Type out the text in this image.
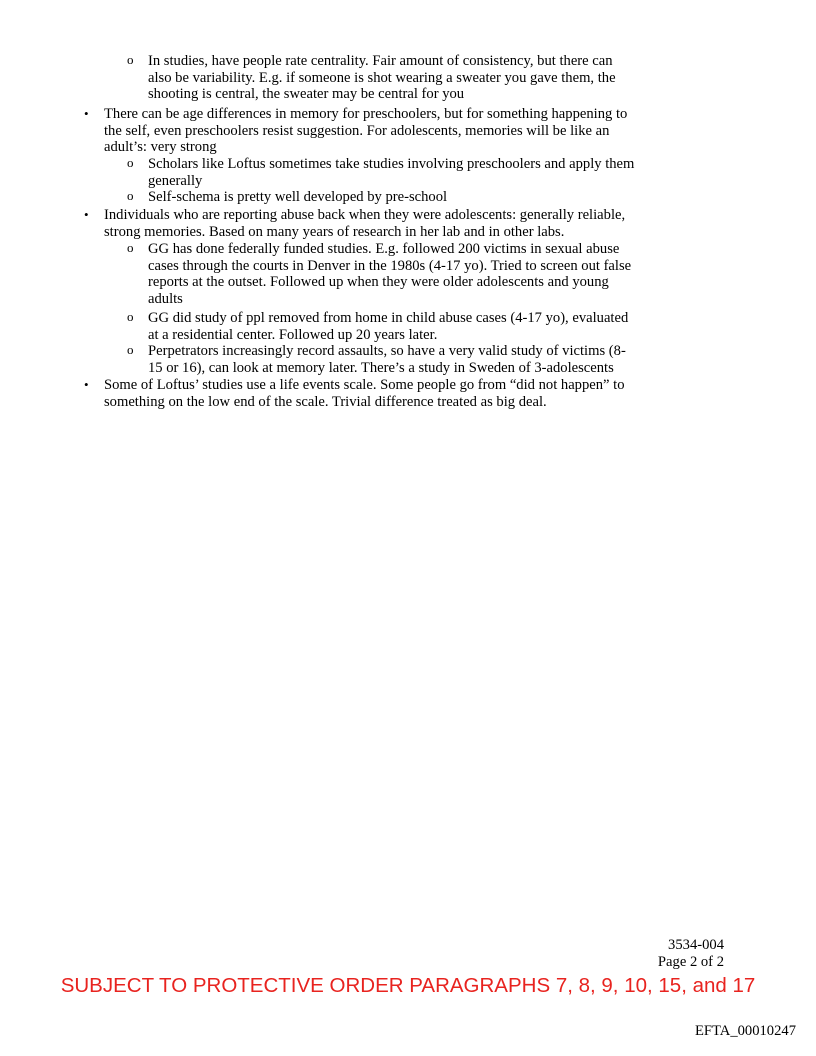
o In studies, have people rate centrality. Fair amount of consistency, but there can also be variability. E.g. if someone is shot wearing a sweater you gave them, the shooting is central, the sweater may be central for you
• There can be age differences in memory for preschoolers, but for something happening to the self, even preschoolers resist suggestion. For adolescents, memories will be like an adult’s: very strong
o Scholars like Loftus sometimes take studies involving preschoolers and apply them generally
o Self-schema is pretty well developed by pre-school
• Individuals who are reporting abuse back when they were adolescents: generally reliable, strong memories. Based on many years of research in her lab and in other labs.
o GG has done federally funded studies. E.g. followed 200 victims in sexual abuse cases through the courts in Denver in the 1980s (4-17 yo). Tried to screen out false reports at the outset. Followed up when they were older adolescents and young adults
o GG did study of ppl removed from home in child abuse cases (4-17 yo), evaluated at a residential center. Followed up 20 years later.
o Perpetrators increasingly record assaults, so have a very valid study of victims (8-15 or 16), can look at memory later. There’s a study in Sweden of 3-adolescents
• Some of Loftus’ studies use a life events scale. Some people go from “did not happen” to something on the low end of the scale. Trivial difference treated as big deal.
3534-004
Page 2 of 2
SUBJECT TO PROTECTIVE ORDER PARAGRAPHS 7, 8, 9, 10, 15, and 17
EFTA_00010247
